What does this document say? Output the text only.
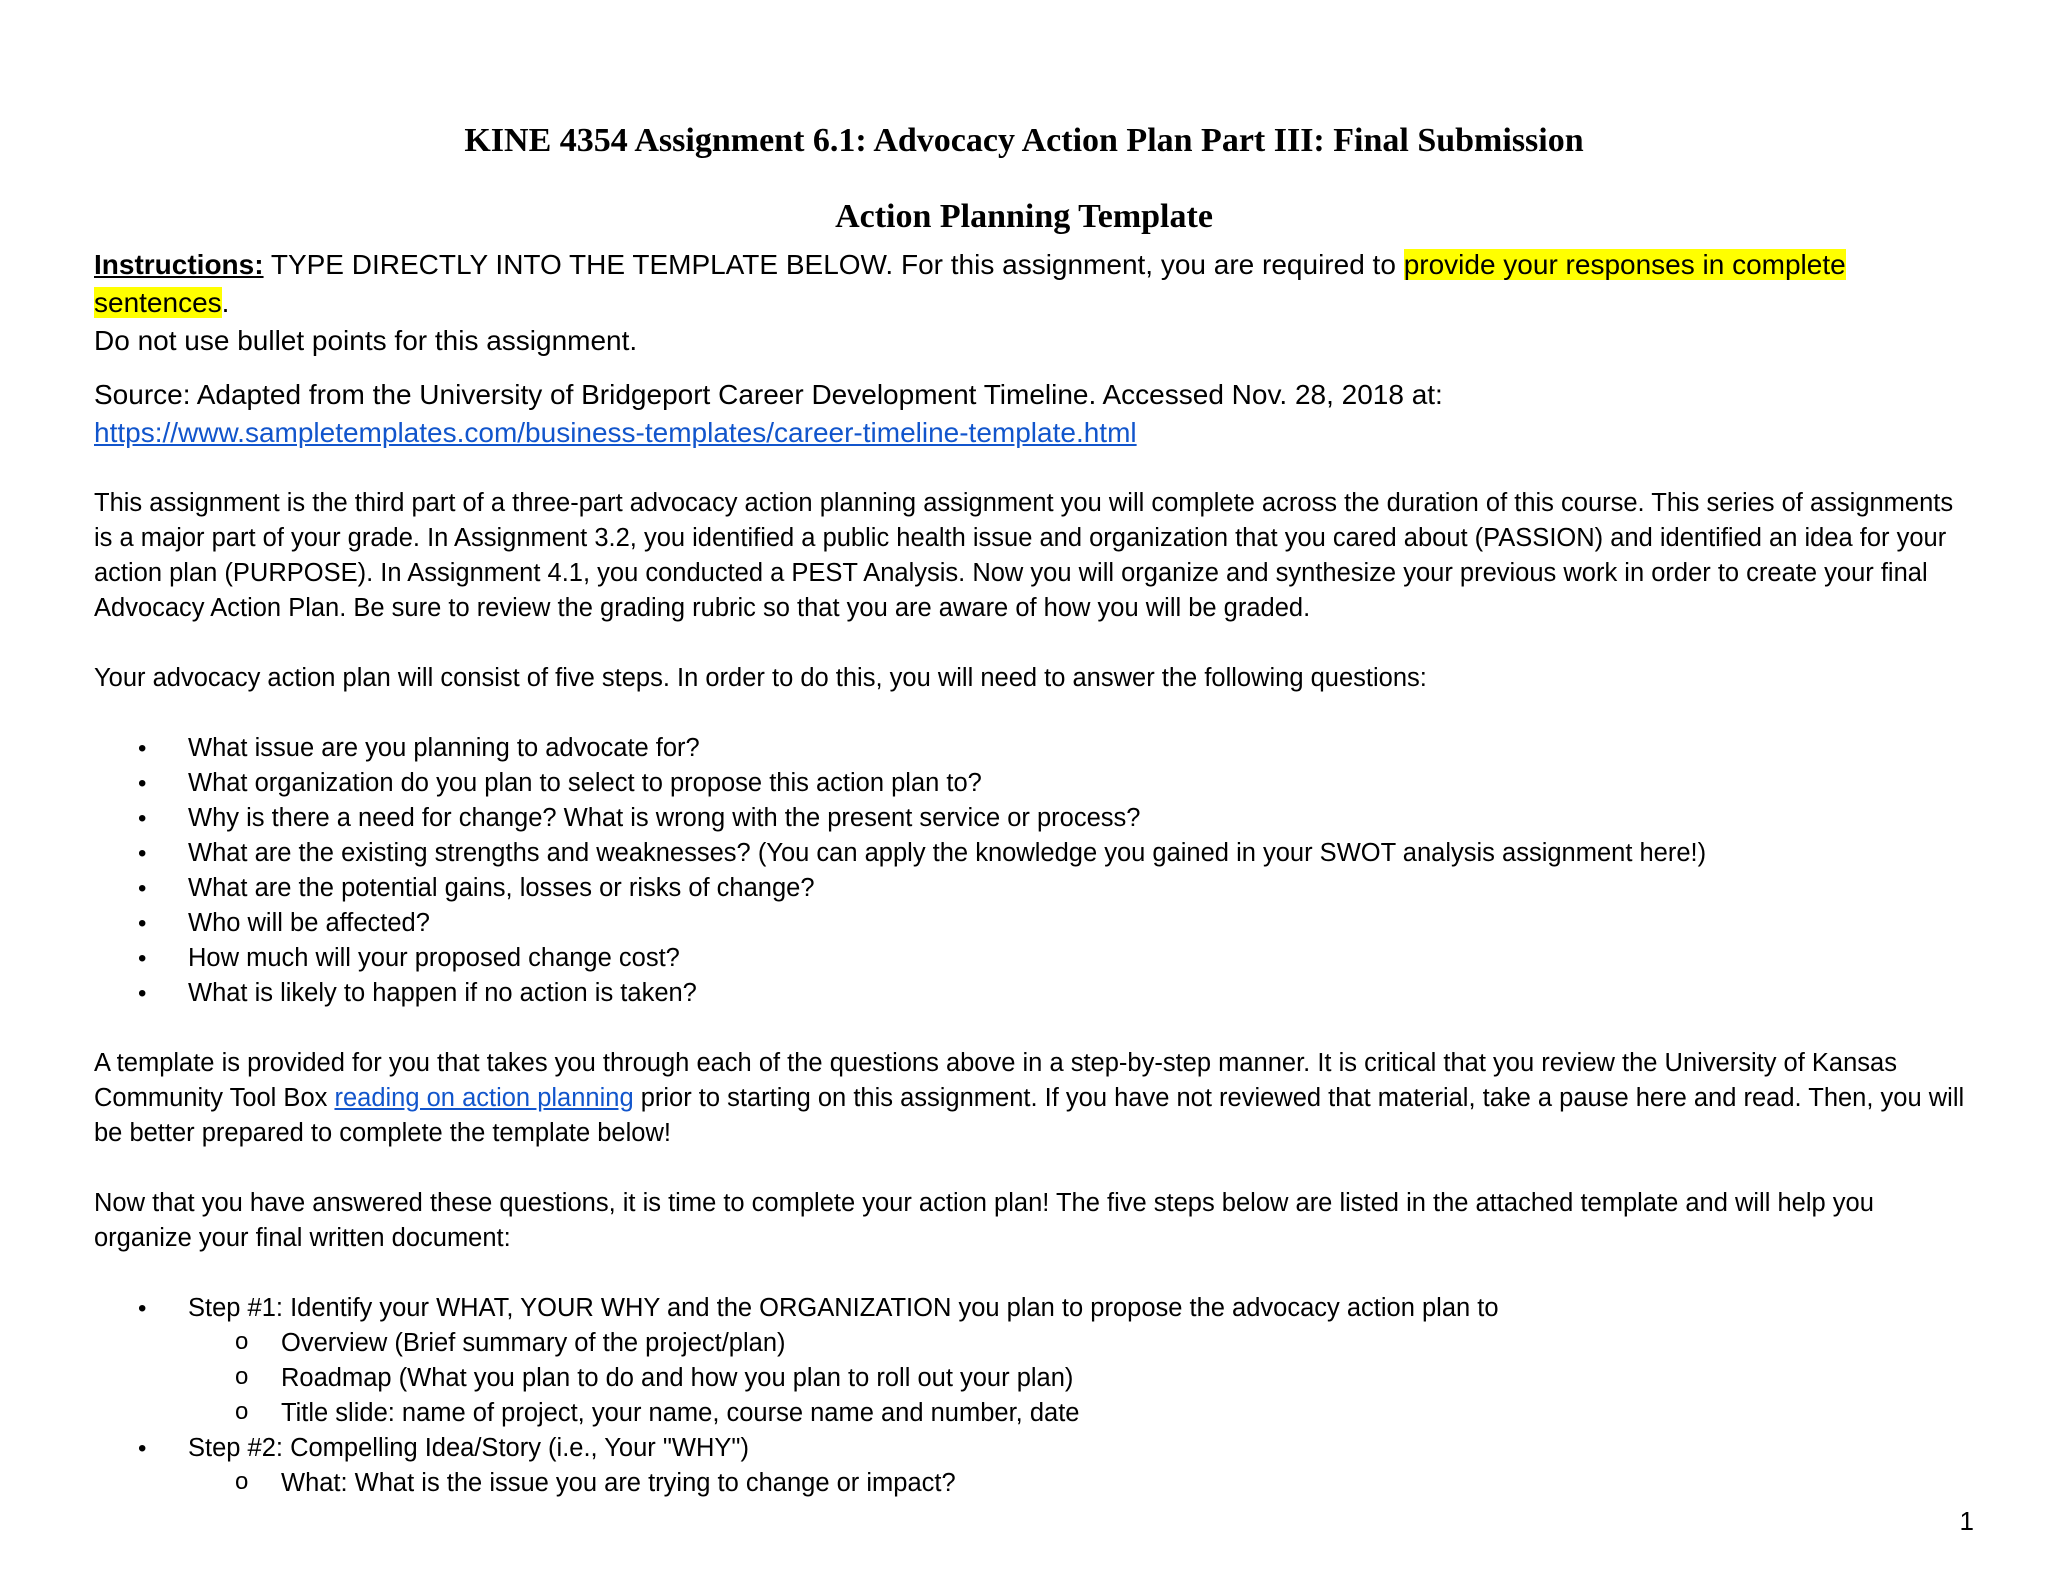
KINE 4354 Assignment 6.1: Advocacy Action Plan Part III: Final Submission
Action Planning Template

Instructions: TYPE DIRECTLY INTO THE TEMPLATE BELOW. For this assignment, you are required to provide your responses in complete sentences.
Do not use bullet points for this assignment.

Source: Adapted from the University of Bridgeport Career Development Timeline. Accessed Nov. 28, 2018 at:
https://www.sampletemplates.com/business-templates/career-timeline-template.html

This assignment is the third part of a three-part advocacy action planning assignment you will complete across the duration of this course. This series of assignments is a major part of your grade. In Assignment 3.2, you identified a public health issue and organization that you cared about (PASSION) and identified an idea for your action plan (PURPOSE). In Assignment 4.1, you conducted a PEST Analysis. Now you will organize and synthesize your previous work in order to create your final Advocacy Action Plan. Be sure to review the grading rubric so that you are aware of how you will be graded.

Your advocacy action plan will consist of five steps. In order to do this, you will need to answer the following questions:

• What issue are you planning to advocate for?
• What organization do you plan to select to propose this action plan to?
• Why is there a need for change? What is wrong with the present service or process?
• What are the existing strengths and weaknesses? (You can apply the knowledge you gained in your SWOT analysis assignment here!)
• What are the potential gains, losses or risks of change?
• Who will be affected?
• How much will your proposed change cost?
• What is likely to happen if no action is taken?

A template is provided for you that takes you through each of the questions above in a step-by-step manner. It is critical that you review the University of Kansas Community Tool Box reading on action planning prior to starting on this assignment. If you have not reviewed that material, take a pause here and read. Then, you will be better prepared to complete the template below!

Now that you have answered these questions, it is time to complete your action plan! The five steps below are listed in the attached template and will help you organize your final written document:

• Step #1: Identify your WHAT, YOUR WHY and the ORGANIZATION you plan to propose the advocacy action plan to
o Overview (Brief summary of the project/plan)
o Roadmap (What you plan to do and how you plan to roll out your plan)
o Title slide: name of project, your name, course name and number, date
• Step #2: Compelling Idea/Story (i.e., Your "WHY")
o What: What is the issue you are trying to change or impact?
1
